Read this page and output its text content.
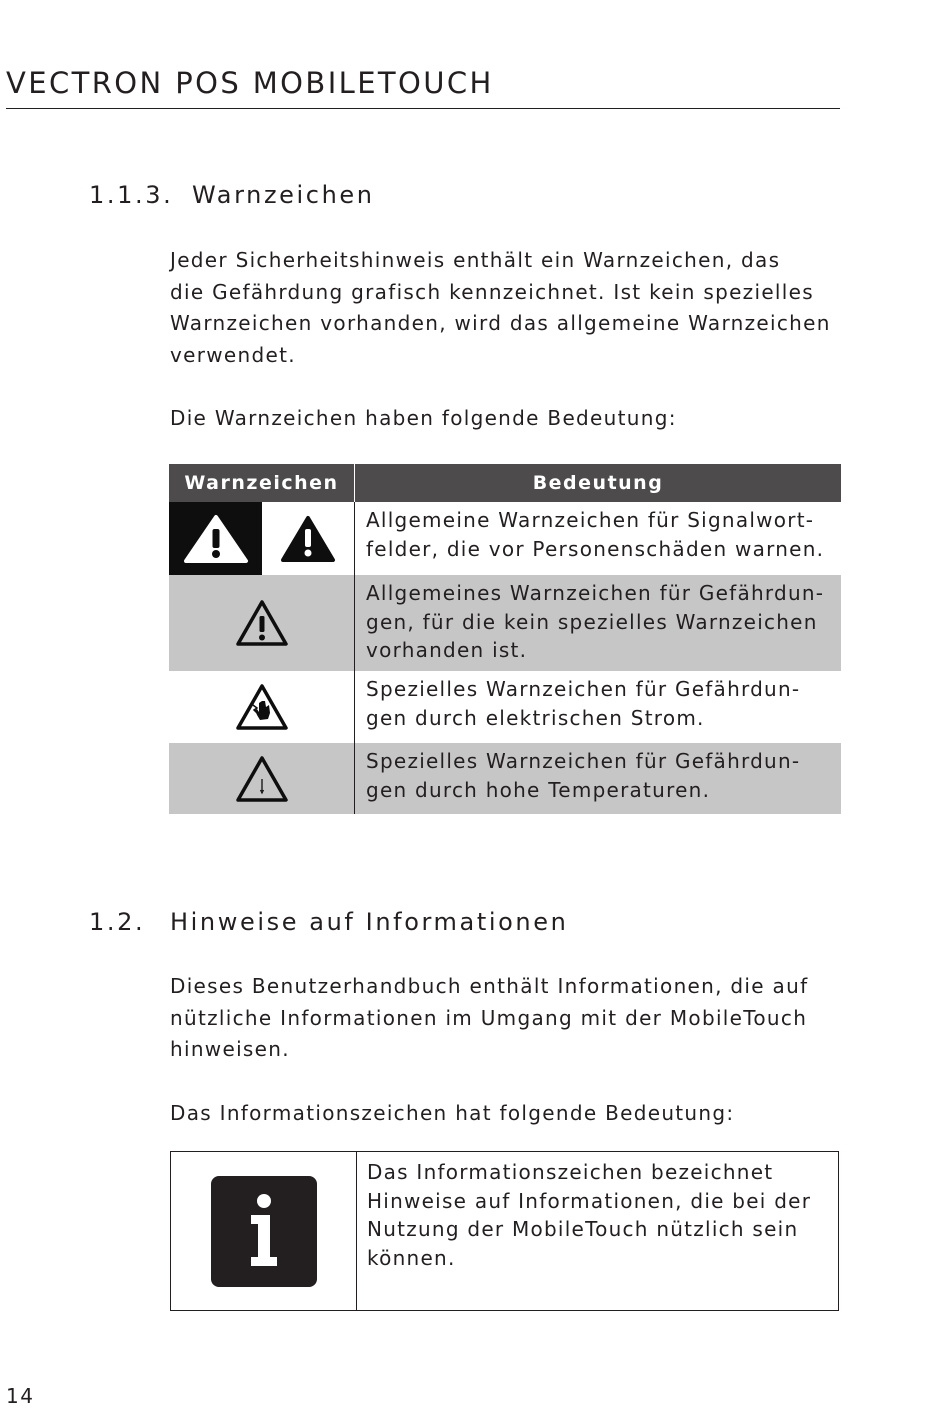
VECTRON POS MOBILETOUCH
1.1.3. Warnzeichen
Jeder Sicherheitshinweis enthält ein Warnzeichen, das
die Gefährdung grafisch kennzeichnet. Ist kein spezielles
Warnzeichen vorhanden, wird das allgemeine Warnzeichen
verwendet.
Die Warnzeichen haben folgende Bedeutung:
Warnzeichen	Bedeutung
Allgemeine Warnzeichen für Signalwort-
felder, die vor Personenschäden warnen.
Allgemeines Warnzeichen für Gefährdun-
gen, für die kein spezielles Warnzeichen
vorhanden ist.
Spezielles Warnzeichen für Gefährdun-
gen durch elektrischen Strom.
Spezielles Warnzeichen für Gefährdun-
gen durch hohe Temperaturen.
1.2. Hinweise auf Informationen
Dieses Benutzerhandbuch enthält Informationen, die auf
nützliche Informationen im Umgang mit der MobileTouch
hinweisen.
Das Informationszeichen hat folgende Bedeutung:
Das Informationszeichen bezeichnet
Hinweise auf Informationen, die bei der
Nutzung der MobileTouch nützlich sein
können.
14
